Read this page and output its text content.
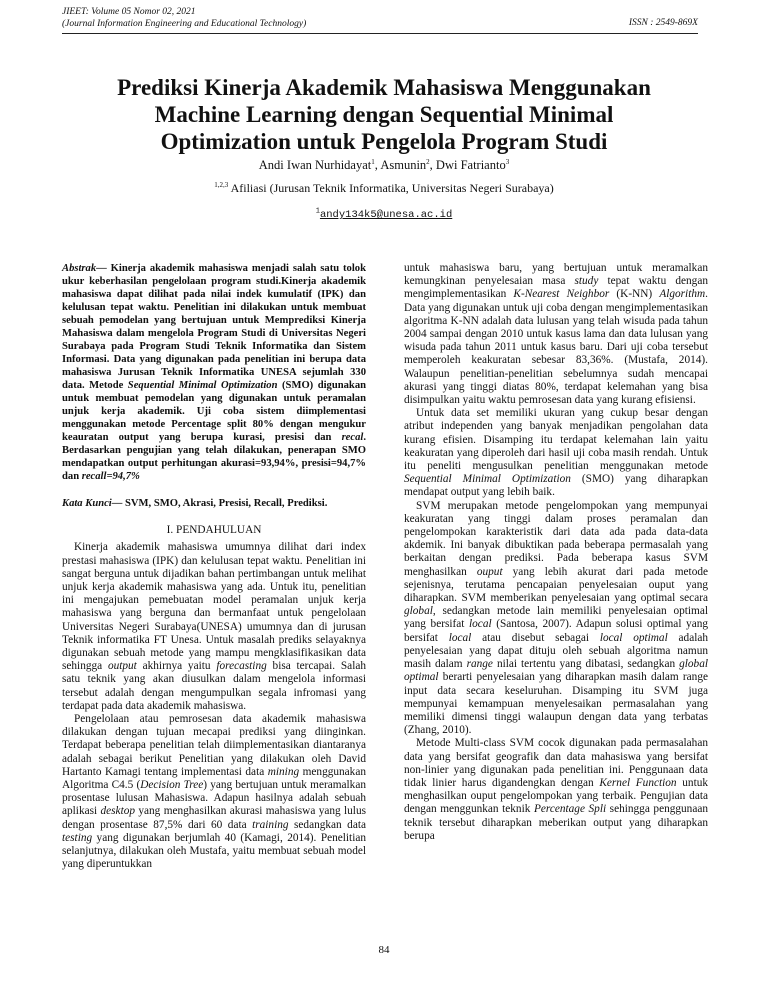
JIEET: Volume 05 Nomor 02, 2021
(Journal Information Engineering and Educational Technology)	ISSN : 2549-869X
Prediksi Kinerja Akademik Mahasiswa Menggunakan
Machine Learning dengan Sequential Minimal
Optimization untuk Pengelola Program Studi
Andi Iwan Nurhidayat$^1$, Asmunin$^2$, Dwi Fatrianto$^3$
$^{1,2,3}$ Afiliasi (Jurusan Teknik Informatika, Universitas Negeri Surabaya)
$^1$andy134k5@unesa.ac.id
Abstrak— Kinerja akademik mahasiswa menjadi salah satu tolok ukur keberhasilan pengelolaan program studi.Kinerja akademik mahasiswa dapat dilihat pada nilai indek kumulatif (IPK) dan kelulusan tepat waktu. Penelitian ini dilakukan untuk membuat sebuah pemodelan yang bertujuan untuk Memprediksi Kinerja Mahasiswa dalam mengelola Program Studi di Universitas Negeri Surabaya pada Program Studi Teknik Informatika dan Sistem Informasi. Data yang digunakan pada penelitian ini berupa data mahasiswa Jurusan Teknik Informatika UNESA sejumlah 330 data. Metode Sequential Minimal Optimization (SMO) digunakan untuk membuat pemodelan yang digunakan untuk peramalan unjuk kerja akademik. Uji coba sistem diimplementasi menggunakan metode Percentage split 80% dengan mengukur keauratan output yang berupa kurasi, presisi dan recal. Berdasarkan pengujian yang telah dilakukan, penerapan SMO mendapatkan output perhitungan akurasi=93,94%, presisi=94,7% dan recall=94,7%
Kata Kunci— SVM, SMO, Akrasi, Presisi, Recall, Prediksi.
I. PENDAHULUAN

Kinerja akademik mahasiswa umumnya dilihat dari index prestasi mahasiswa (IPK) dan kelulusan tepat waktu. Penelitian ini sangat berguna untuk dijadikan bahan pertimbangan untuk melihat unjuk kerja akademik mahasiswa yang ada. Untuk itu, penelitian ini mengajukan pemebuatan model peramalan unjuk kerja mahasiswa yang berguna dan bermanfaat untuk pengelolaan Universitas Negeri Surabaya(UNESA) umumnya dan di jurusan Teknik informatika FT Unesa. Untuk masalah prediks selayaknya digunakan sebuah metode yang mampu mengklasifikasikan data sehingga output akhirnya yaitu forecasting bisa tercapai. Salah satu teknik yang akan diusulkan dalam mengelola informasi tersebut adalah dengan mengumpulkan segala infromasi yang terdapat pada data akademik mahasiswa.

Pengelolaan atau pemrosesan data akademik mahasiswa dilakukan dengan tujuan mecapai prediksi yang diinginkan. Terdapat beberapa penelitian telah diimplementasikan diantaranya adalah sebagai berikut Penelitian yang dilakukan oleh David Hartanto Kamagi tentang implementasi data mining menggunakan Algoritma C4.5 (Decision Tree) yang bertujuan untuk meramalkan prosentase lulusan Mahasiswa. Adapun hasilnya adalah sebuah aplikasi desktop yang menghasilkan akurasi mahasiswa yang lulus dengan prosentase 87,5% dari 60 data training sedangkan data testing yang digunakan berjumlah 40 (Kamagi, 2014). Penelitian selanjutnya, dilakukan oleh Mustafa, yaitu membuat sebuah model yang diperuntukkan

untuk mahasiswa baru, yang bertujuan untuk meramalkan kemungkinan penyelesaian masa study tepat waktu dengan mengimplementasikan K-Nearest Neighbor (K-NN) Algorithm. Data yang digunakan untuk uji coba dengan mengimplementasikan algoritma K-NN adalah data lulusan yang telah wisuda pada tahun 2004 sampai dengan 2010 untuk kasus lama dan data lulusan yang wisuda pada tahun 2011 untuk kasus baru. Dari uji coba tersebut memperoleh keakuratan sebesar 83,36%. (Mustafa, 2014). Walaupun penelitian-penelitian sebelumnya sudah mencapai akurasi yang tinggi diatas 80%, terdapat kelemahan yang bisa disimpulkan yaitu waktu pemrosesan data yang kurang efisiensi.

Untuk data set memiliki ukuran yang cukup besar dengan atribut independen yang banyak menjadikan pengolahan data kurang efisien. Disamping itu terdapat kelemahan lain yaitu keakuratan yang diperoleh dari hasil uji coba masih rendah. Untuk itu peneliti mengusulkan penelitian menggunakan metode Sequential Minimal Optimization (SMO) yang diharapkan mendapat output yang lebih baik.

SVM merupakan metode pengelompokan yang mempunyai keakuratan yang tinggi dalam proses peramalan dan pengelompokan karakteristik dari data ada pada data-data akdemik. Ini banyak dibuktikan pada beberapa permasalah yang berkaitan dengan prediksi. Pada beberapa kasus SVM menghasilkan ouput yang lebih akurat dari pada metode sejenisnya, terutama pencapaian penyelesaian ouput yang diharapkan. SVM memberikan penyelesaian yang optimal secara global, sedangkan metode lain memiliki penyelesaian optimal yang bersifat local (Santosa, 2007). Adapun solusi optimal yang bersifat local atau disebut sebagai local optimal adalah penyelesaian yang dapat dituju oleh sebuah algoritma namun masih dalam range nilai tertentu yang dibatasi, sedangkan global optimal berarti penyelesaian yang diharapkan masih dalam range input data secara keseluruhan. Disamping itu SVM juga mempunyai kemampuan menyelesaikan permasalahan yang memiliki dimensi tinggi walaupun dengan data yang terbatas (Zhang, 2010).

Metode Multi-class SVM cocok digunakan pada permasalahan data yang bersifat geografik dan data mahasiswa yang bersifat non-linier yang digunakan pada penelitian ini. Penggunaan data tidak linier harus digandengkan dengan Kernel Function untuk menghasilkan ouput pengelompokan yang terbaik. Pengujian data dengan menggunkan teknik Percentage Spli sehingga penggunaan teknik tersebut diharapkan meberikan output yang diharapkan berupa

84
